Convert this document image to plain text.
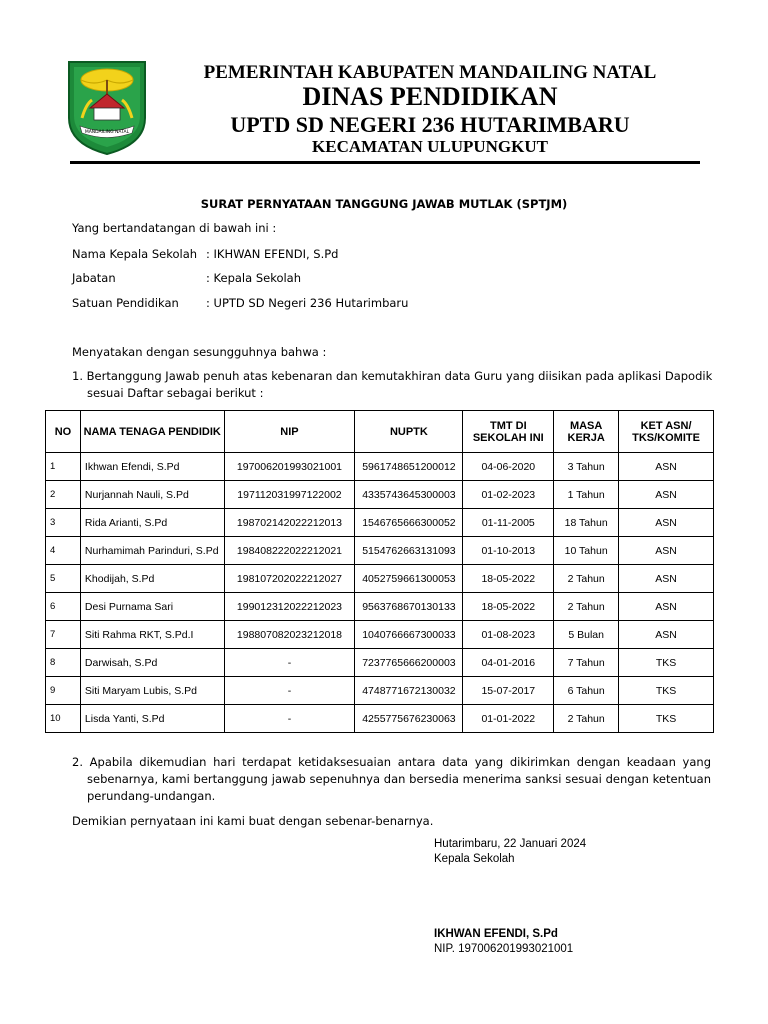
MANDAILING NATAL
PEMERINTAH KABUPATEN MANDAILING NATAL
DINAS PENDIDIKAN
UPTD SD NEGERI 236 HUTARIMBARU
KECAMATAN ULUPUNGKUT
SURAT PERNYATAAN TANGGUNG JAWAB MUTLAK (SPTJM)
Yang bertandatangan di bawah ini :
Nama Kepala Sekolah : IKHWAN EFENDI, S.Pd
Jabatan	: Kepala Sekolah
Satuan Pendidikan : UPTD SD Negeri 236 Hutarimbaru
Menyatakan dengan sesungguhnya bahwa :
1. Bertanggung Jawab penuh atas kebenaran dan kemutakhiran data Guru yang diisikan pada aplikasi Dapodik
sesuai Daftar sebagai berikut :
NO	NAMA TENAGA PENDIDIK	NIP	NUPTK	TMT DI SEKOLAH INI	MASA KERJA	KET ASN/ TKS/KOMITE
1	Ikhwan Efendi, S.Pd	197006201993021001	5961748651200012	04-06-2020	3 Tahun	ASN
2	Nurjannah Nauli, S.Pd	197112031997122002	4335743645300003	01-02-2023	1 Tahun	ASN
3	Rida Arianti, S.Pd	198702142022212013	1546765666300052	01-11-2005	18 Tahun	ASN
4	Nurhamimah Parinduri, S.Pd	198408222022212021	5154762663131093	01-10-2013	10 Tahun	ASN
5	Khodijah, S.Pd	198107202022212027	4052759661300053	18-05-2022	2 Tahun	ASN
6	Desi Purnama Sari	199012312022212023	9563768670130133	18-05-2022	2 Tahun	ASN
7	Siti Rahma RKT, S.Pd.I	198807082023212018	1040766667300033	01-08-2023	5 Bulan	ASN
8	Darwisah, S.Pd	-	7237765666200003	04-01-2016	7 Tahun	TKS
9	Siti Maryam Lubis, S.Pd	-	4748771672130032	15-07-2017	6 Tahun	TKS
10	Lisda Yanti, S.Pd	-	4255775676230063	01-01-2022	2 Tahun	TKS
2. Apabila dikemudian hari terdapat ketidaksesuaian antara data yang dikirimkan dengan keadaan yang sebenarnya, kami bertanggung jawab sepenuhnya dan bersedia menerima sanksi sesuai dengan ketentuan perundang-undangan.
Demikian pernyataan ini kami buat dengan sebenar-benarnya.
Hutarimbaru, 22 Januari 2024
Kepala Sekolah
IKHWAN EFENDI, S.Pd
NIP. 197006201993021001
